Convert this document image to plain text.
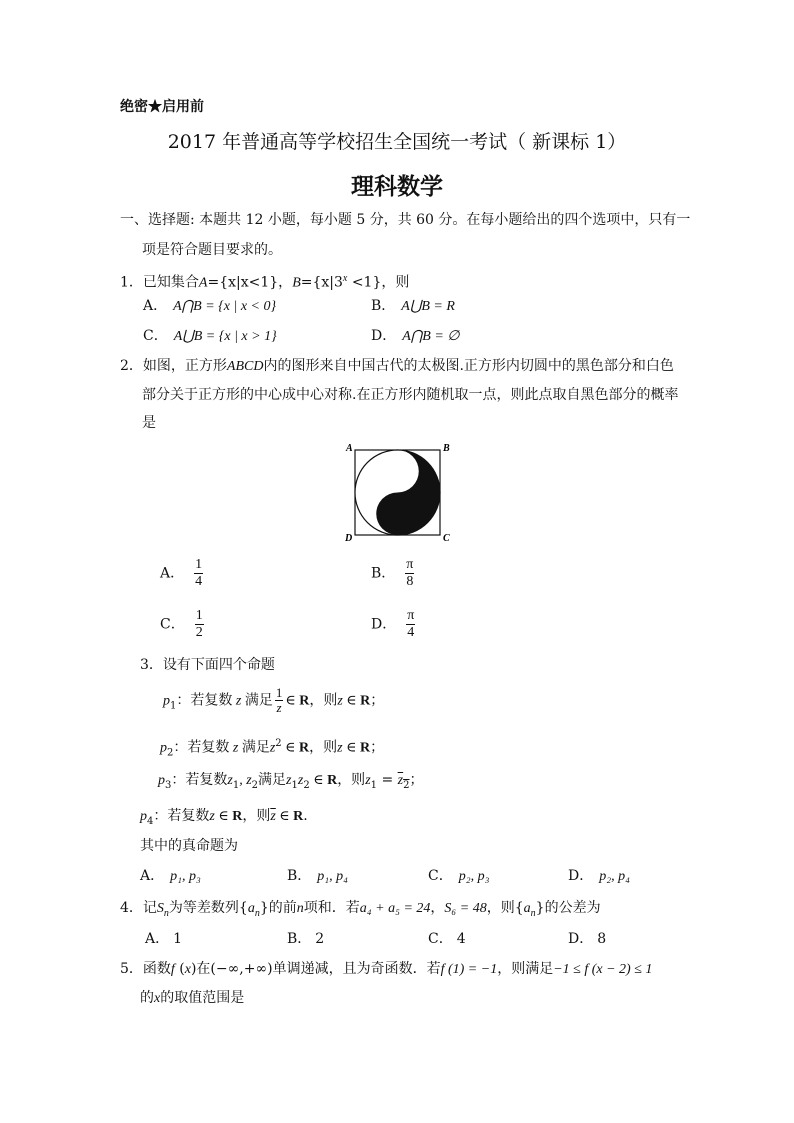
绝密★启用前
2017 年普通高等学校招生全国统一考试（ 新课标 1）
理科数学
一、选择题: 本题共 12 小题，每小题 5 分，共 60 分。在每小题给出的四个选项中，只有一
项是符合题目要求的。
1．已知集合A={x|x<1}，$B=\{x|3^x <1\}$，则
A． A⋂B = {x | x < 0}	B． A⋃B = R
C． A⋃B = {x | x > 1}	D． A⋂B = ∅
2．如图，正方形ABCD内的图形来自中国古代的太极图.正方形内切圆中的黑色部分和白色
部分关于正方形的中心成中心对称.在正方形内随机取一点，则此点取自黑色部分的概率
是
A	B
C
D
A． $\frac{1}{4}$	B． $\frac{\pi}{8}$
C． $\frac{1}{2}$	D． $\frac{\pi}{4}$
3．设有下面四个命题
$p_1$：若复数 z 满足 $\frac{1}{z}$ ∈ R，则z ∈ R；
$p_2$：若复数 z 满足$z^2$ ∈ R，则z ∈ R；
$p_3$：若复数$z_1$, $z_2$满足$z_1z_2$ ∈ R，则$z_1 = \overline{z}_2$；
$p_4$：若复数z ∈ R，则$\overline{z}$ ∈ R.
其中的真命题为
A． p₁, p₃	B． p₁, p₄	C． p₂, p₃	D． p₂, p₄
4．记$S_n$为等差数列$\{a_n\}$的前n项和．若a₄ + a₅ = 24，S₆ = 48，则$\{a_n\}$的公差为
A． 1	B． 2	C． 4	D． 8
5．函数f (x)在(−∞,+∞)单调递减，且为奇函数．若f (1) = −1，则满足−1 ≤ f (x − 2) ≤ 1
的x的取值范围是
